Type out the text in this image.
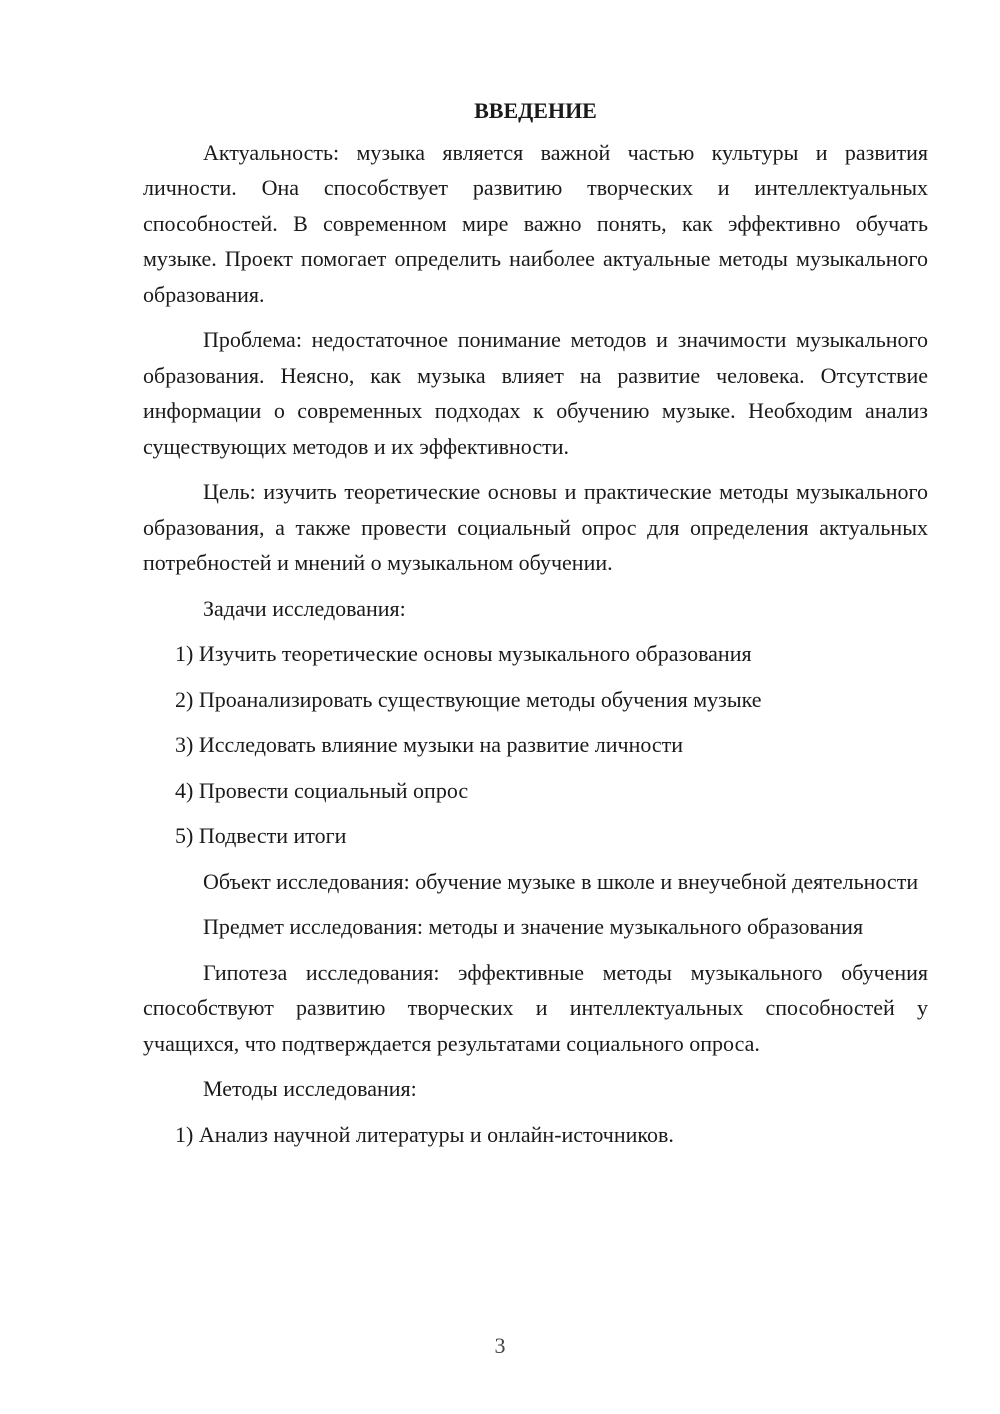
ВВЕДЕНИЕ

Актуальность: музыка является важной частью культуры и развития личности. Она способствует развитию творческих и интеллектуальных способностей. В современном мире важно понять, как эффективно обучать музыке. Проект помогает определить наиболее актуальные методы музыкального образования.

Проблема: недостаточное понимание методов и значимости музыкального образования. Неясно, как музыка влияет на развитие человека. Отсутствие информации о современных подходах к обучению музыке. Необходим анализ существующих методов и их эффективности.

Цель: изучить теоретические основы и практические методы музыкального образования, а также провести социальный опрос для определения актуальных потребностей и мнений о музыкальном обучении.

Задачи исследования:

1) Изучить теоретические основы музыкального образования
2) Проанализировать существующие методы обучения музыке
3) Исследовать влияние музыки на развитие личности
4) Провести социальный опрос
5) Подвести итоги

Объект исследования: обучение музыке в школе и внеучебной деятельности

Предмет исследования: методы и значение музыкального образования

Гипотеза исследования: эффективные методы музыкального обучения способствуют развитию творческих и интеллектуальных способностей у учащихся, что подтверждается результатами социального опроса.

Методы исследования:

1) Анализ научной литературы и онлайн-источников.
3
